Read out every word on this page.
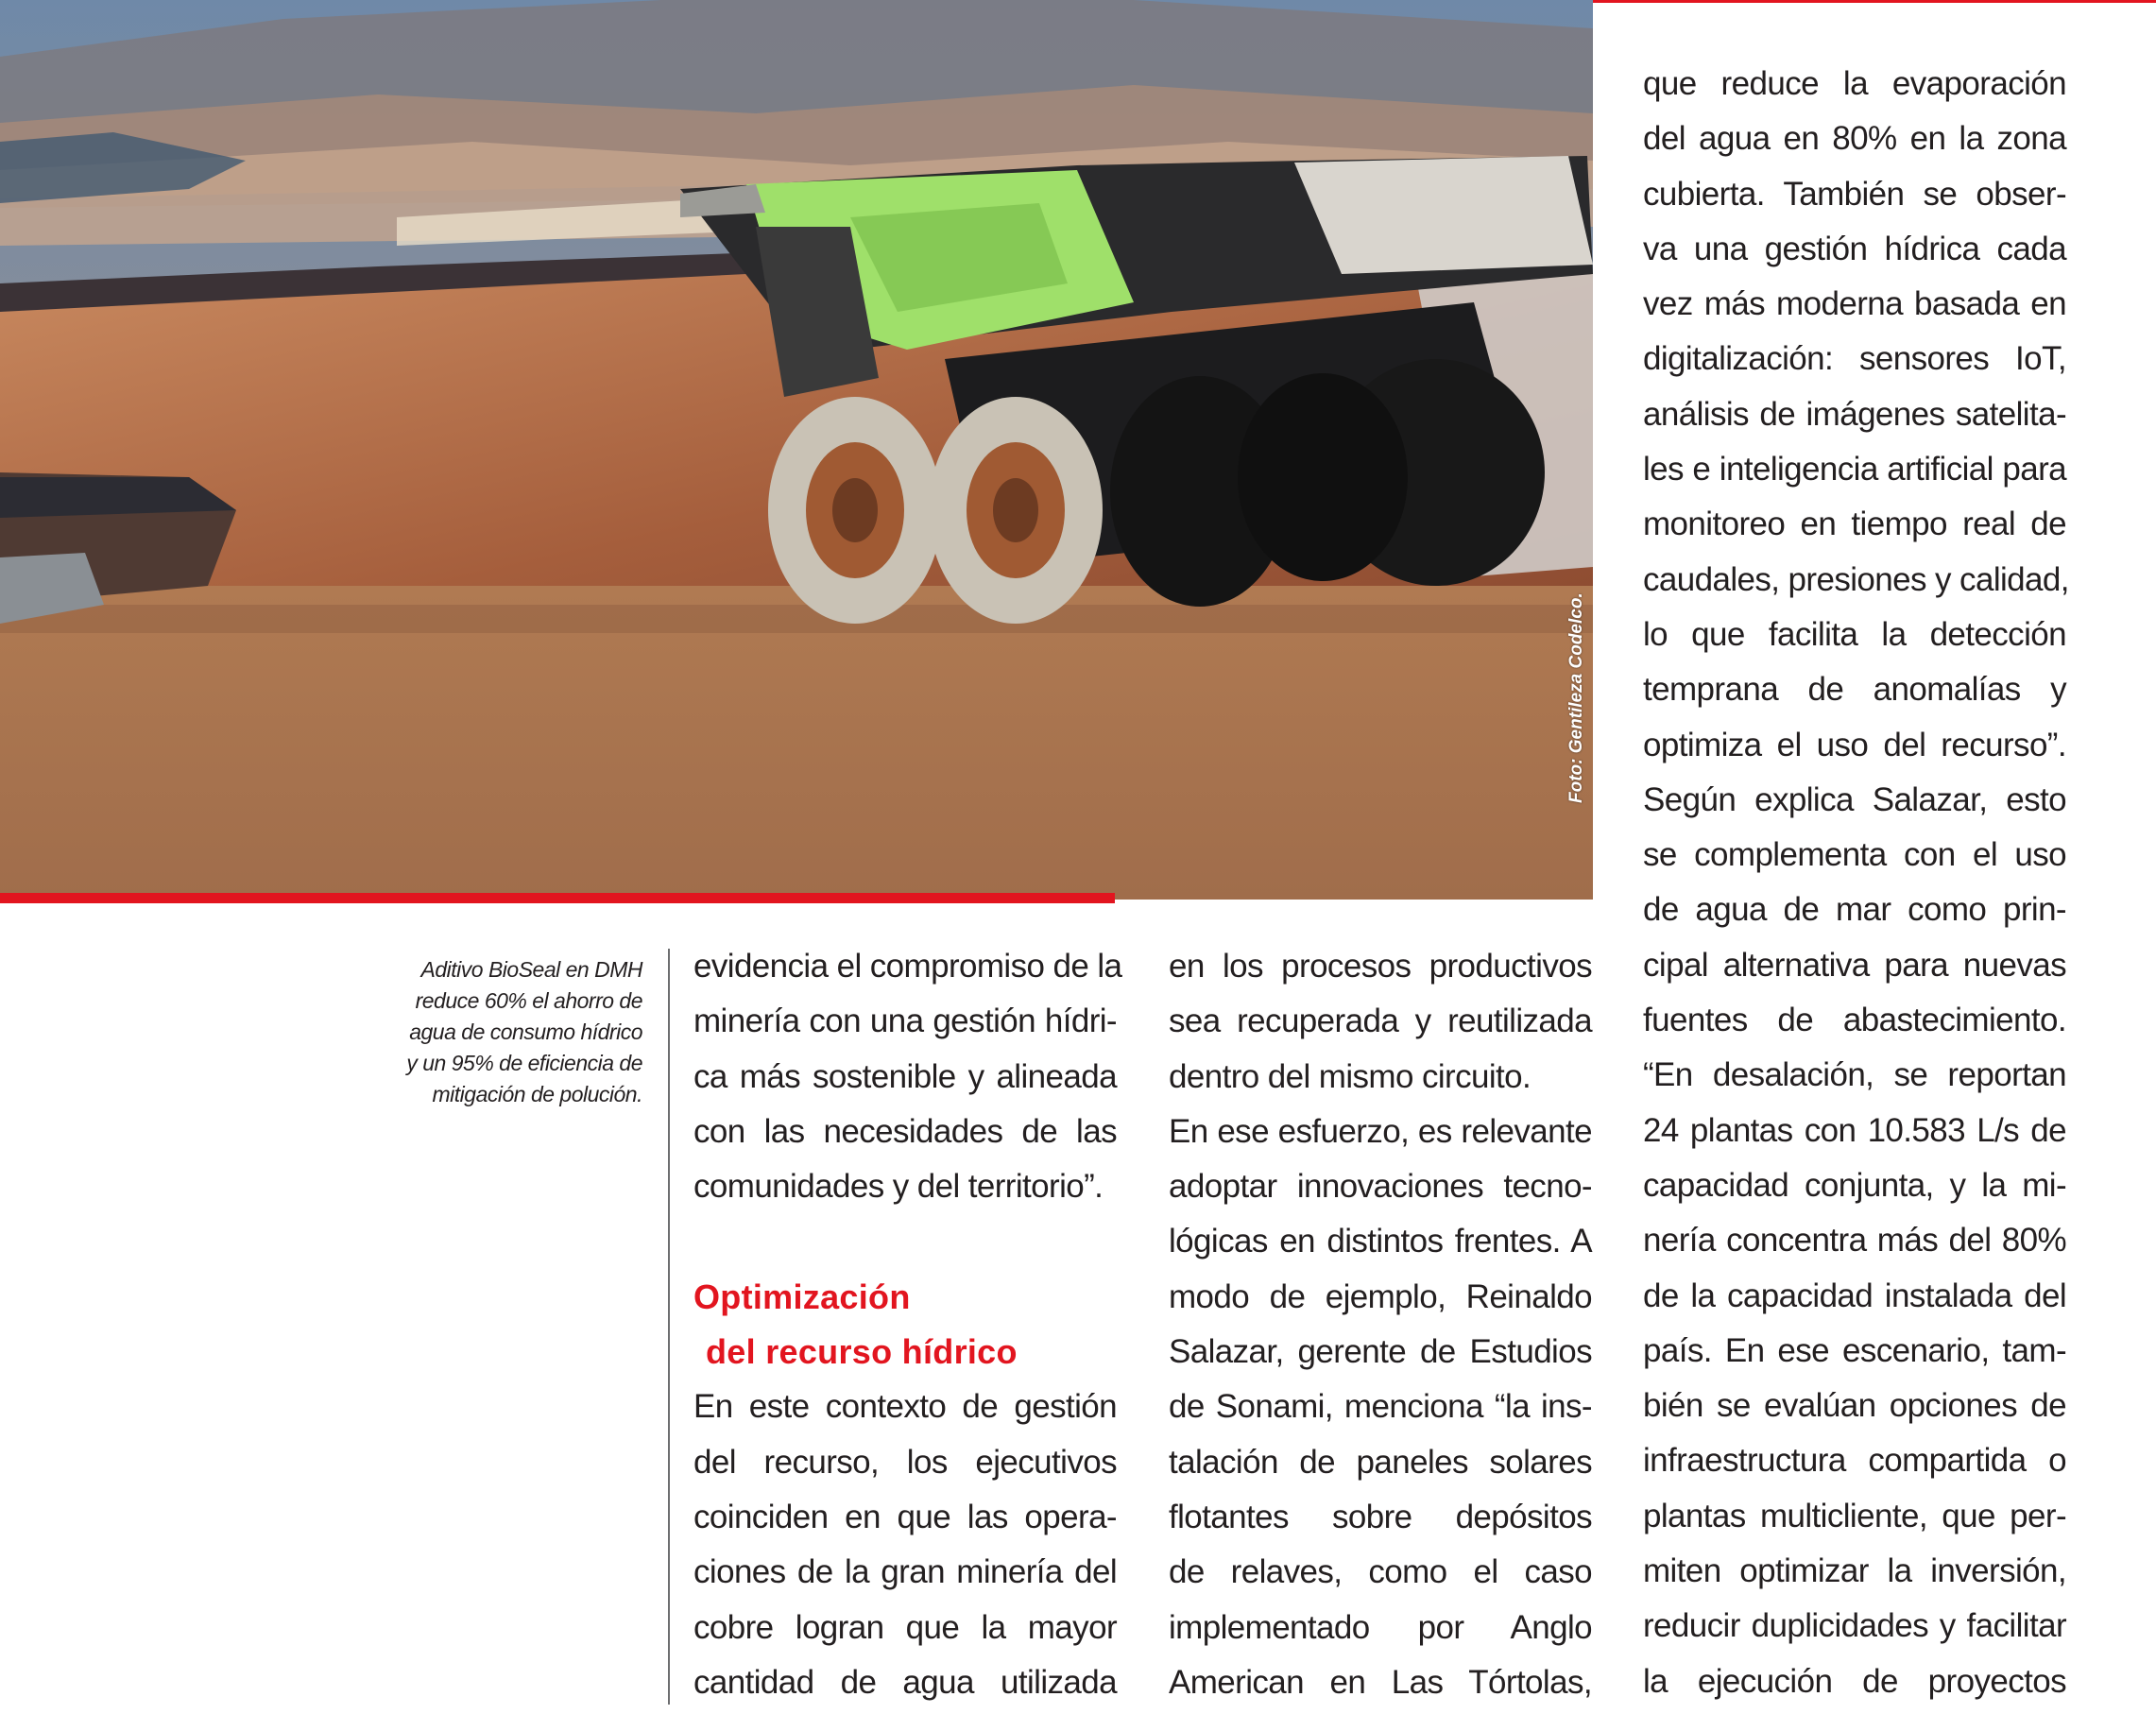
Foto: Gentileza Codelco.
Aditivo BioSeal en DMH
reduce 60% el ahorro de
agua de consumo hídrico
y un 95% de eficiencia de
mitigación de polución.
evidencia el compromiso de la
minería con una gestión hídri-
ca más sostenible y alineada
con las necesidades de las
comunidades y del territorio”.
Optimización
del recurso hídrico
En este contexto de gestión
del recurso, los ejecutivos
coinciden en que las opera-
ciones de la gran minería del
cobre logran que la mayor
cantidad de agua utilizada
en los procesos productivos
sea recuperada y reutilizada
dentro del mismo circuito.
En ese esfuerzo, es relevante
adoptar innovaciones tecno-
lógicas en distintos frentes. A
modo de ejemplo, Reinaldo
Salazar, gerente de Estudios
de Sonami, menciona “la ins-
talación de paneles solares
flotantes sobre depósitos
de relaves, como el caso
implementado por Anglo
American en Las Tórtolas,
que reduce la evaporación
del agua en 80% en la zona
cubierta. También se obser-
va una gestión hídrica cada
vez más moderna basada en
digitalización: sensores IoT,
análisis de imágenes satelita-
les e inteligencia artificial para
monitoreo en tiempo real de
caudales, presiones y calidad,
lo que facilita la detección
temprana de anomalías y
optimiza el uso del recurso”.
Según explica Salazar, esto
se complementa con el uso
de agua de mar como prin-
cipal alternativa para nuevas
fuentes de abastecimiento.
“En desalación, se reportan
24 plantas con 10.583 L/s de
capacidad conjunta, y la mi-
nería concentra más del 80%
de la capacidad instalada del
país. En ese escenario, tam-
bién se evalúan opciones de
infraestructura compartida o
plantas multicliente, que per-
miten optimizar la inversión,
reducir duplicidades y facilitar
la ejecución de proyectos
